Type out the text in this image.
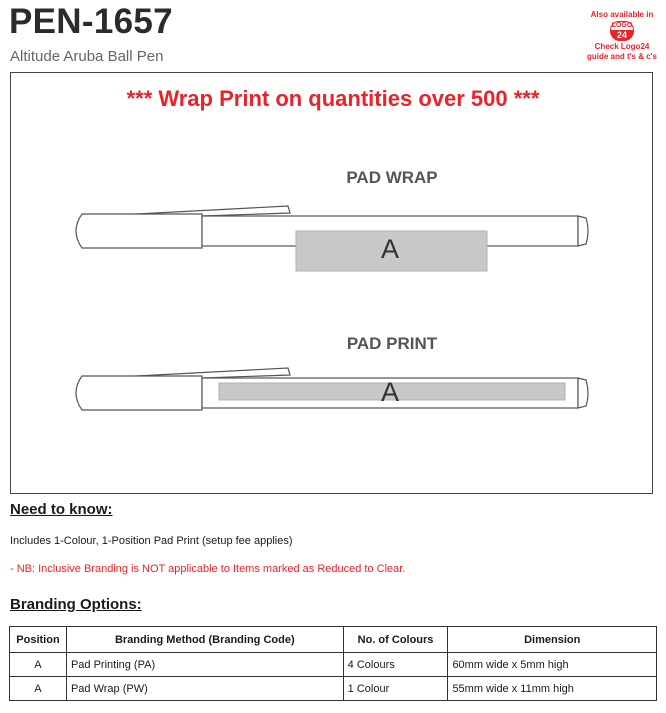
PEN-1657
Altitude Aruba Ball Pen
Also available in
LOGO
24
Check Logo24
guide and t's & c's
*** Wrap Print on quantities over 500 ***
PAD WRAP
PAD PRINT
A
A
Need to know:
Includes 1-Colour, 1-Position Pad Print (setup fee applies)
- NB: Inclusive Branding is NOT applicable to Items marked as Reduced to Clear.
Branding Options:
Position	Branding Method (Branding Code)	No. of Colours	Dimension
A	Pad Printing (PA)	4 Colours	60mm wide x 5mm high
A	Pad Wrap (PW)	1 Colour	55mm wide x 11mm high
